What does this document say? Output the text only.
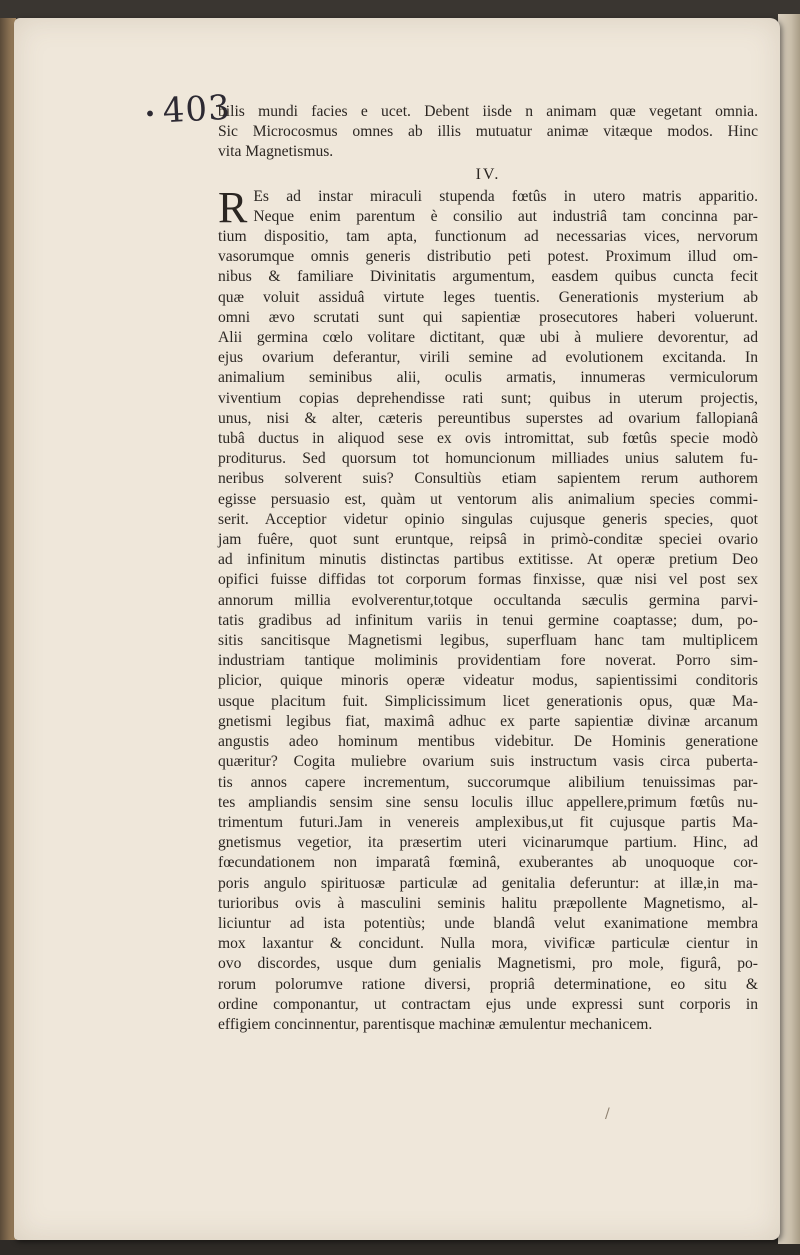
• 403
bilis mundi facies e ucet. Debent iisde n animam quæ vegetant omnia.
Sic Microcosmus omnes ab illis mutuatur animæ vitæque modos. Hinc
vita Magnetismus.
IV.
R Es ad instar miraculi stupenda fœtûs in utero matris apparitio.
Neque enim parentum è consilio aut industriâ tam concinna par-
tium dispositio, tam apta, functionum ad necessarias vices, nervorum
vasorumque omnis generis distributio peti potest. Proximum illud om-
nibus & familiare Divinitatis argumentum, easdem quibus cuncta fecit
quæ voluit assiduâ virtute leges tuentis. Generationis mysterium ab
omni ævo scrutati sunt qui sapientiæ prosecutores haberi voluerunt.
Alii germina cœlo volitare dictitant, quæ ubi à muliere devorentur, ad
ejus ovarium deferantur, virili semine ad evolutionem excitanda. In
animalium seminibus alii, oculis armatis, innumeras vermiculorum
viventium copias deprehendisse rati sunt; quibus in uterum projectis,
unus, nisi & alter, cæteris pereuntibus superstes ad ovarium fallopianâ
tubâ ductus in aliquod sese ex ovis intromittat, sub fœtûs specie modò
proditurus. Sed quorsum tot homuncionum milliades unius salutem fu-
neribus solverent suis? Consultiùs etiam sapientem rerum authorem
egisse persuasio est, quàm ut ventorum alis animalium species commi-
serit. Acceptior videtur opinio singulas cujusque generis species, quot
jam fuêre, quot sunt eruntque, reipsâ in primò-conditæ speciei ovario
ad infinitum minutis distinctas partibus extitisse. At operæ pretium Deo
opifici fuisse diffidas tot corporum formas finxisse, quæ nisi vel post sex
annorum millia evolverentur,totque occultanda sæculis germina parvi-
tatis gradibus ad infinitum variis in tenui germine coaptasse; dum, po-
sitis sancitisque Magnetismi legibus, superfluam hanc tam multiplicem
industriam tantique moliminis providentiam fore noverat. Porro sim-
plicior, quique minoris operæ videatur modus, sapientissimi conditoris
usque placitum fuit. Simplicissimum licet generationis opus, quæ Ma-
gnetismi legibus fiat, maximâ adhuc ex parte sapientiæ divinæ arcanum
angustis adeo hominum mentibus videbitur. De Hominis generatione
quæritur? Cogita muliebre ovarium suis instructum vasis circa puberta-
tis annos capere incrementum, succorumque alibilium tenuissimas par-
tes ampliandis sensim sine sensu loculis illuc appellere,primum fœtûs nu-
trimentum futuri.Jam in venereis amplexibus,ut fit cujusque partis Ma-
gnetismus vegetior, ita præsertim uteri vicinarumque partium. Hinc, ad
fœcundationem non imparatâ fœminâ, exuberantes ab unoquoque cor-
poris angulo spirituosæ particulæ ad genitalia deferuntur: at illæ,in ma-
turioribus ovis à masculini seminis halitu præpollente Magnetismo, al-
liciuntur ad ista potentiùs; unde blandâ velut exanimatione membra
mox laxantur & concidunt. Nulla mora, vivificæ particulæ cientur in
ovo discordes, usque dum genialis Magnetismi, pro mole, figurâ, po-
rorum polorumve ratione diversi, propriâ determinatione, eo situ &
ordine componantur, ut contractam ejus unde expressi sunt corporis in
effigiem concinnentur, parentisque machinæ æmulentur mechanicem.
/
